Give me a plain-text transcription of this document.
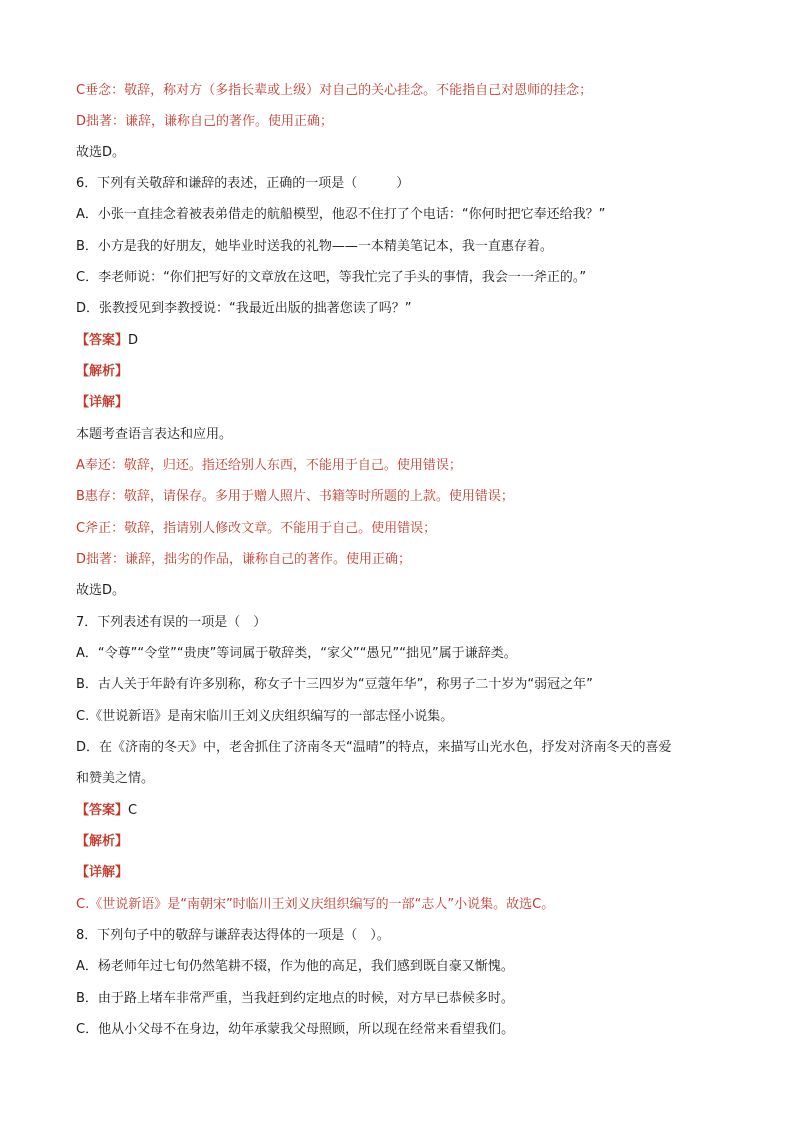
C垂念：敬辞，称对方（多指长辈或上级）对自己的关心挂念。不能指自己对恩师的挂念；
D拙著：谦辞，谦称自己的著作。使用正确；
故选D。
6．下列有关敬辞和谦辞的表述，正确的一项是（　　　）
A．小张一直挂念着被表弟借走的航船模型，他忍不住打了个电话：“你何时把它奉还给我？”
B．小方是我的好朋友，她毕业时送我的礼物——一本精美笔记本，我一直惠存着。
C．李老师说：“你们把写好的文章放在这吧，等我忙完了手头的事情，我会一一斧正的。”
D．张教授见到李教授说：“我最近出版的拙著您读了吗？”
【答案】D
【解析】
【详解】
本题考查语言表达和应用。
A奉还：敬辞，归还。指还给别人东西，不能用于自己。使用错误；
B惠存：敬辞，请保存。多用于赠人照片、书籍等时所题的上款。使用错误；
C斧正：敬辞，指请别人修改文章。不能用于自己。使用错误；
D拙著：谦辞，拙劣的作品，谦称自己的著作。使用正确；
故选D。
7．下列表述有误的一项是（　）
A．“令尊”“令堂”“贵庚”等词属于敬辞类，“家父”“愚兄”“拙见”属于谦辞类。
B．古人关于年龄有许多别称，称女子十三四岁为“豆蔻年华”，称男子二十岁为“弱冠之年”
C.《世说新语》是南宋临川王刘义庆组织编写的一部志怪小说集。
D．在《济南的冬天》中，老舍抓住了济南冬天“温晴”的特点，来描写山光水色，抒发对济南冬天的喜爱
和赞美之情。
【答案】C
【解析】
【详解】
C.《世说新语》是“南朝宋”时临川王刘义庆组织编写的一部“志人”小说集。故选C。
8．下列句子中的敬辞与谦辞表达得体的一项是（　）。
A．杨老师年过七旬仍然笔耕不辍，作为他的高足，我们感到既自豪又惭愧。
B．由于路上堵车非常严重，当我赶到约定地点的时候，对方早已恭候多时。
C．他从小父母不在身边，幼年承蒙我父母照顾，所以现在经常来看望我们。
